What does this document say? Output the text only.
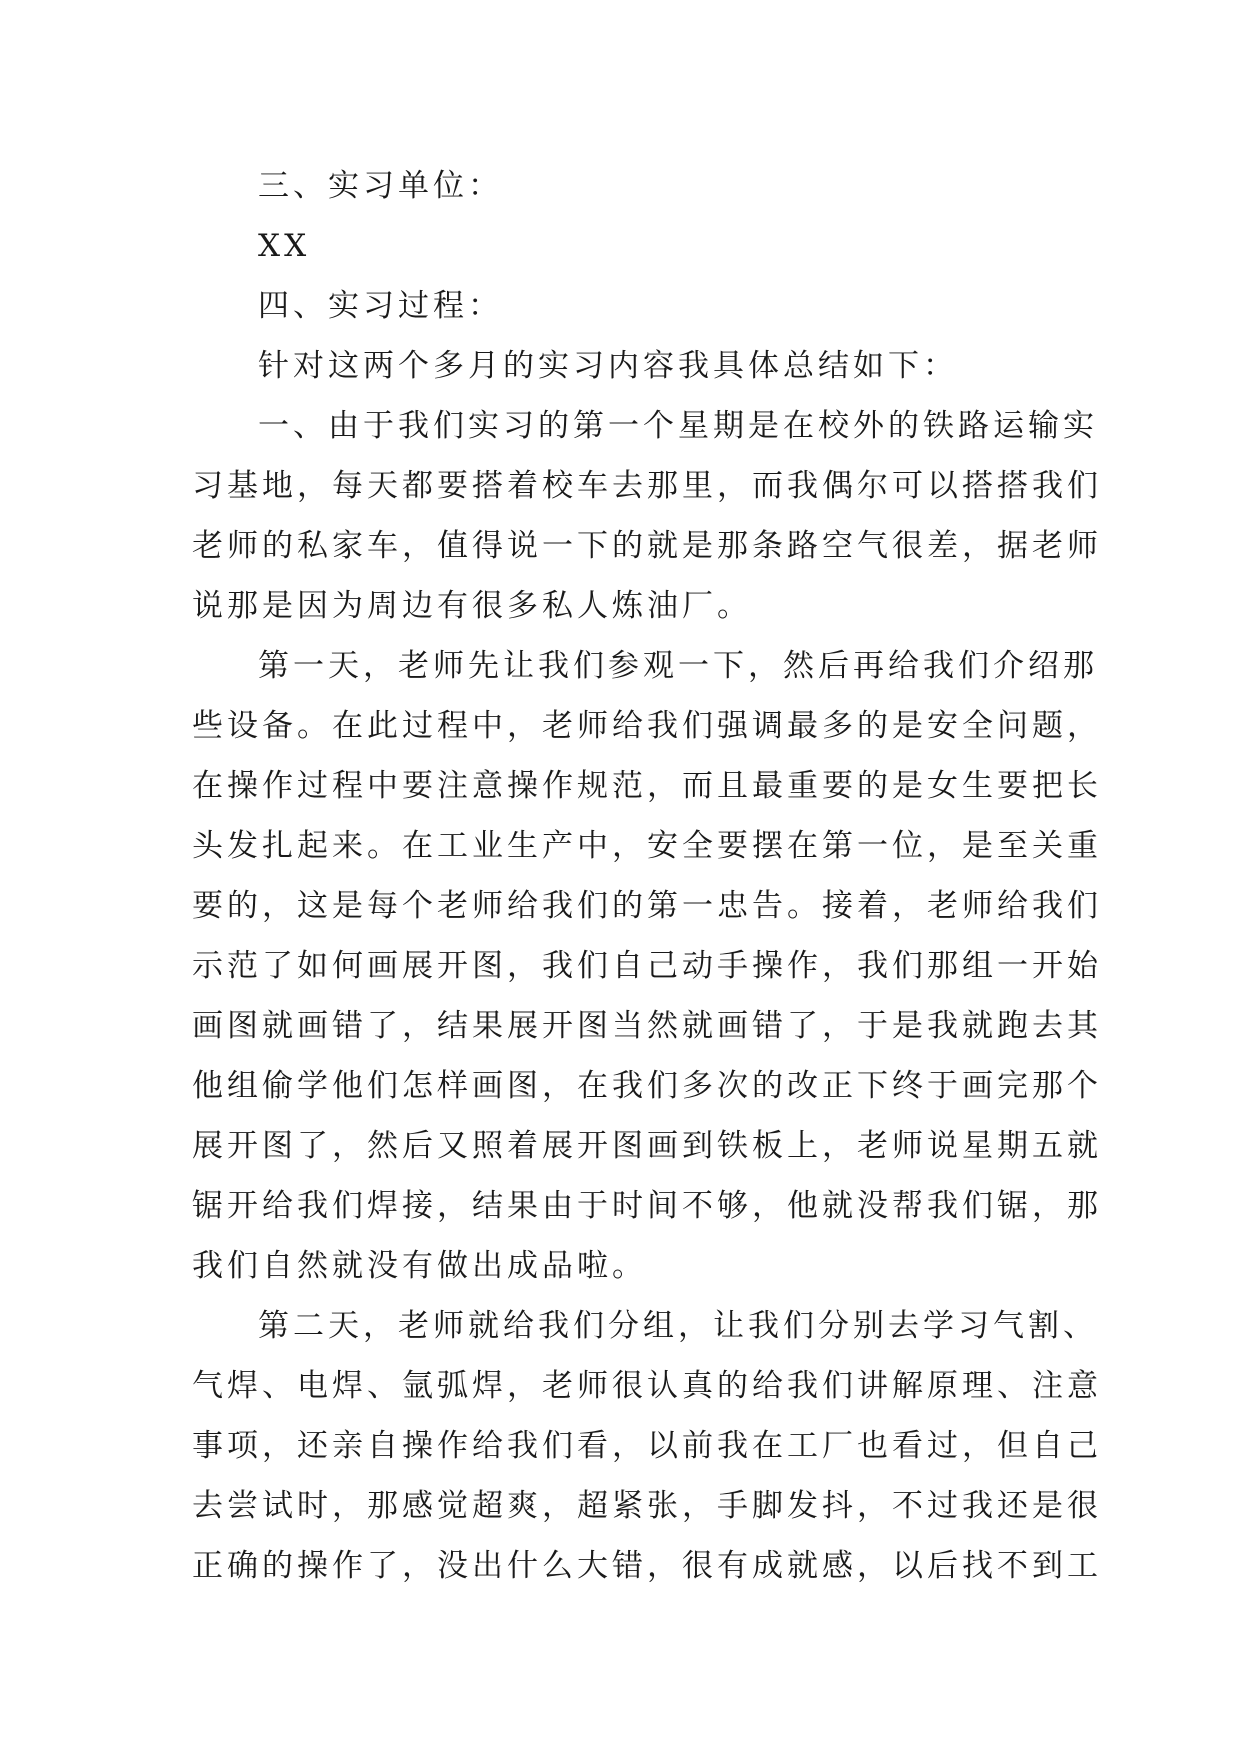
三、实习单位：
XX
四、实习过程：
针对这两个多月的实习内容我具体总结如下：
一、由于我们实习的第一个星期是在校外的铁路运输实
习基地，每天都要搭着校车去那里，而我偶尔可以搭搭我们
老师的私家车，值得说一下的就是那条路空气很差，据老师
说那是因为周边有很多私人炼油厂。
第一天，老师先让我们参观一下，然后再给我们介绍那
些设备。在此过程中，老师给我们强调最多的是安全问题，
在操作过程中要注意操作规范，而且最重要的是女生要把长
头发扎起来。在工业生产中，安全要摆在第一位，是至关重
要的，这是每个老师给我们的第一忠告。接着，老师给我们
示范了如何画展开图，我们自己动手操作，我们那组一开始
画图就画错了，结果展开图当然就画错了，于是我就跑去其
他组偷学他们怎样画图，在我们多次的改正下终于画完那个
展开图了，然后又照着展开图画到铁板上，老师说星期五就
锯开给我们焊接，结果由于时间不够，他就没帮我们锯，那
我们自然就没有做出成品啦。
第二天，老师就给我们分组，让我们分别去学习气割、
气焊、电焊、氩弧焊，老师很认真的给我们讲解原理、注意
事项，还亲自操作给我们看，以前我在工厂也看过，但自己
去尝试时，那感觉超爽，超紧张，手脚发抖，不过我还是很
正确的操作了，没出什么大错，很有成就感，以后找不到工
